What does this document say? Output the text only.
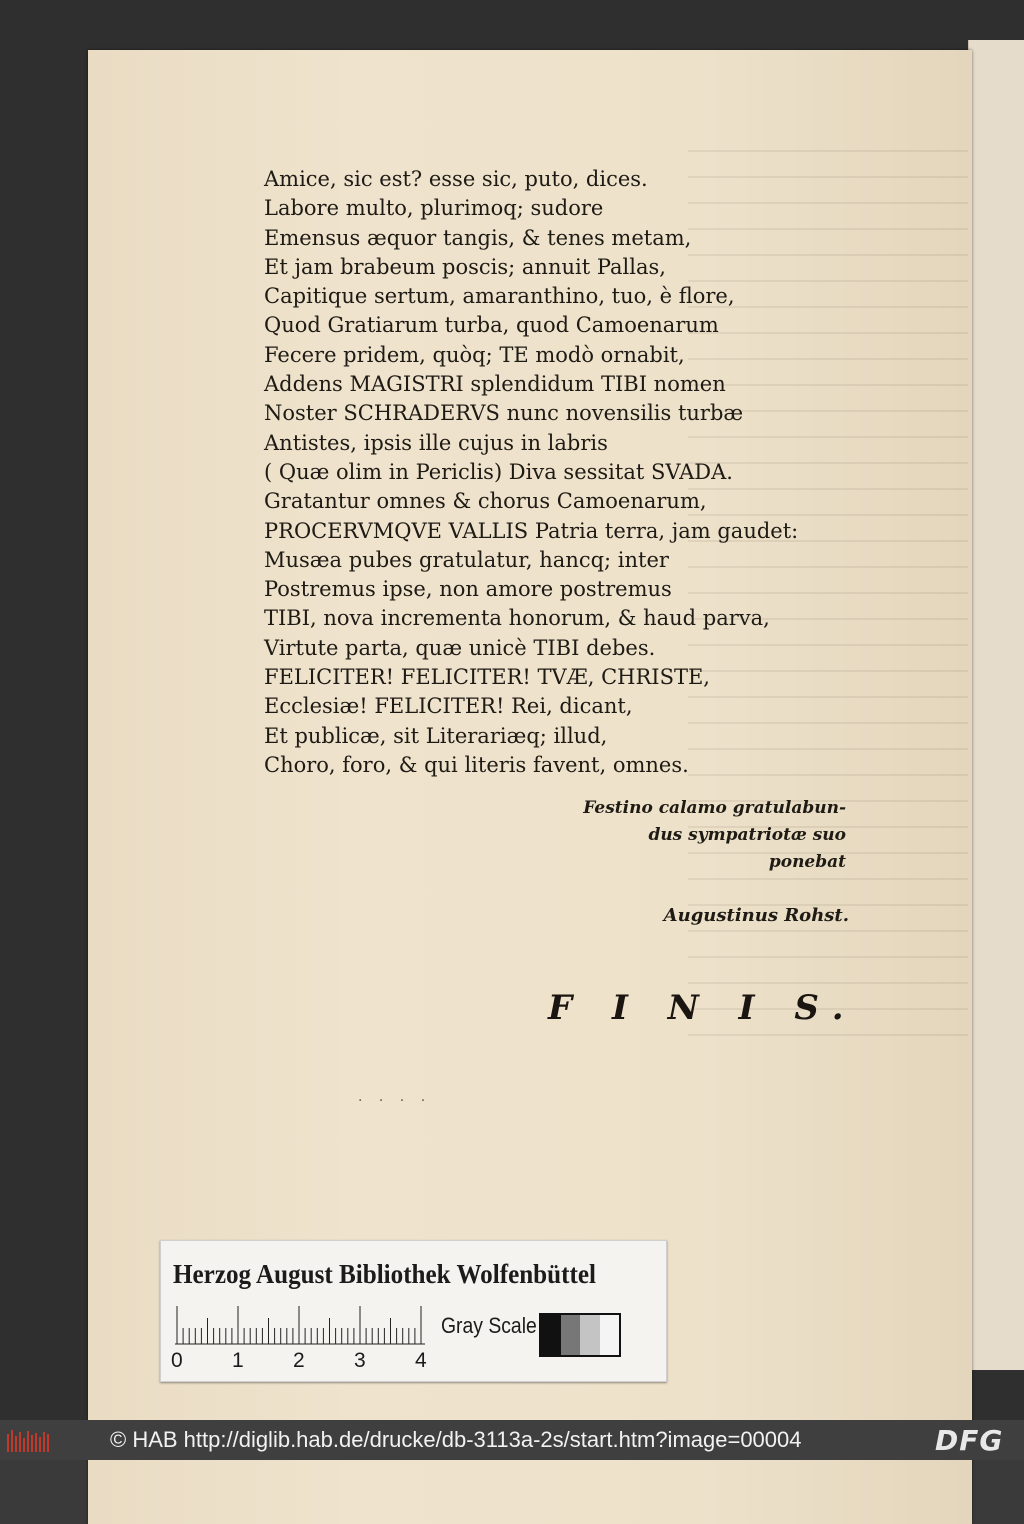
Amice, sic est? esse sic, puto, dices.
Labore multo, plurimoq; sudore
Emensus æquor tangis, & tenes metam,
Et jam brabeum poscis; annuit Pallas,
Capitique sertum, amaranthino, tuo, è flore,
Quod Gratiarum turba, quod Camoenarum
Fecere pridem, quòq; TE modò ornabit,
Addens MAGISTRI splendidum TIBI nomen
Noster SCHRADERVS nunc novensilis turbæ
Antistes, ipsis ille cujus in labris
( Quæ olim in Periclis) Diva sessitat SVADA.
Gratantur omnes & chorus Camoenarum,
PROCERVMQVE VALLIS Patria terra, jam gaudet:
Musæa pubes gratulatur, hancq; inter
Postremus ipse, non amore postremus
TIBI, nova incrementa honorum, & haud parva,
Virtute parta, quæ unicè TIBI debes.
FELICITER! FELICITER! TVÆ, CHRISTE,
Ecclesiæ! FELICITER! Rei, dicant,
Et publicæ, sit Literariæq; illud,
Choro, foro, & qui literis favent, omnes.
Festino calamo gratulabun-
dus sympatriotæ suo
ponebat
Augustinus Rohst.
F I N I S.
· · · ·
Herzog August Bibliothek Wolfenbüttel
0 1 2 3 4
Gray Scale
© HAB http://diglib.hab.de/drucke/db-3113a-2s/start.htm?image=00004	DFG
